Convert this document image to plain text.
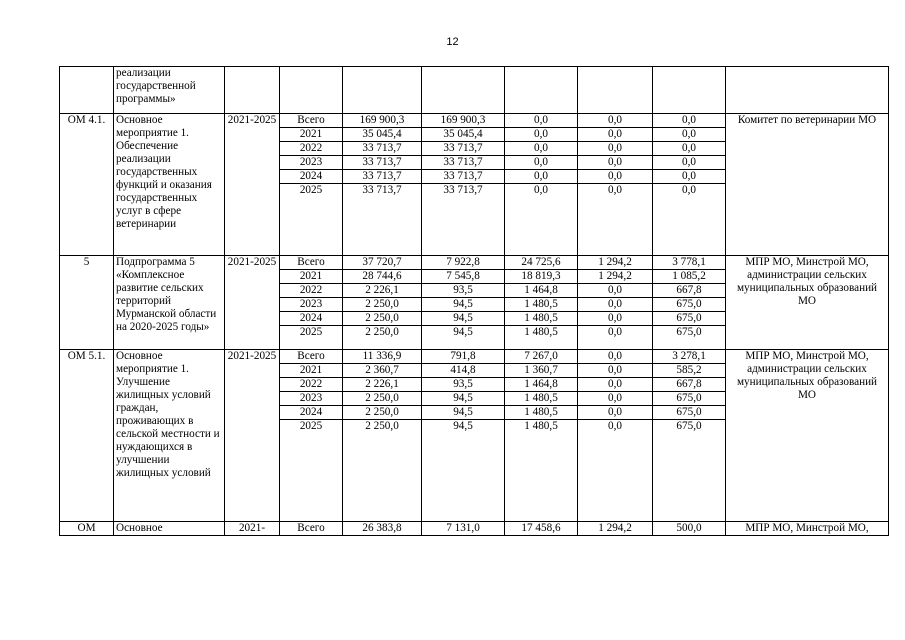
12
	реализации государственной программы»								
ОМ 4.1.	Основное мероприятие 1. Обеспечение реализации государственных функций и оказания государственных услуг в сфере ветеринарии	2021-2025	Всего	169 900,3	169 900,3	0,0	0,0	0,0	Комитет по ветеринарии МО
			2021	35 045,4	35 045,4	0,0	0,0	0,0	
			2022	33 713,7	33 713,7	0,0	0,0	0,0	
			2023	33 713,7	33 713,7	0,0	0,0	0,0	
			2024	33 713,7	33 713,7	0,0	0,0	0,0	
			2025	33 713,7	33 713,7	0,0	0,0	0,0	
5	Подпрограмма 5 «Комплексное развитие сельских территорий Мурманской области на 2020-2025 годы»	2021-2025	Всего	37 720,7	7 922,8	24 725,6	1 294,2	3 778,1	МПР МО, Минстрой МО, администрации сельских муниципальных образований МО
			2021	28 744,6	7 545,8	18 819,3	1 294,2	1 085,2	
			2022	2 226,1	93,5	1 464,8	0,0	667,8	
			2023	2 250,0	94,5	1 480,5	0,0	675,0	
			2024	2 250,0	94,5	1 480,5	0,0	675,0	
			2025	2 250,0	94,5	1 480,5	0,0	675,0	
ОМ 5.1.	Основное мероприятие 1. Улучшение жилищных условий граждан, проживающих в сельской местности и нуждающихся в улучшении жилищных условий	2021-2025	Всего	11 336,9	791,8	7 267,0	0,0	3 278,1	МПР МО, Минстрой МО, администрации сельских муниципальных образований МО
			2021	2 360,7	414,8	1 360,7	0,0	585,2	
			2022	2 226,1	93,5	1 464,8	0,0	667,8	
			2023	2 250,0	94,5	1 480,5	0,0	675,0	
			2024	2 250,0	94,5	1 480,5	0,0	675,0	
			2025	2 250,0	94,5	1 480,5	0,0	675,0	
ОМ	Основное	2021-	Всего	26 383,8	7 131,0	17 458,6	1 294,2	500,0	МПР МО, Минстрой МО,
